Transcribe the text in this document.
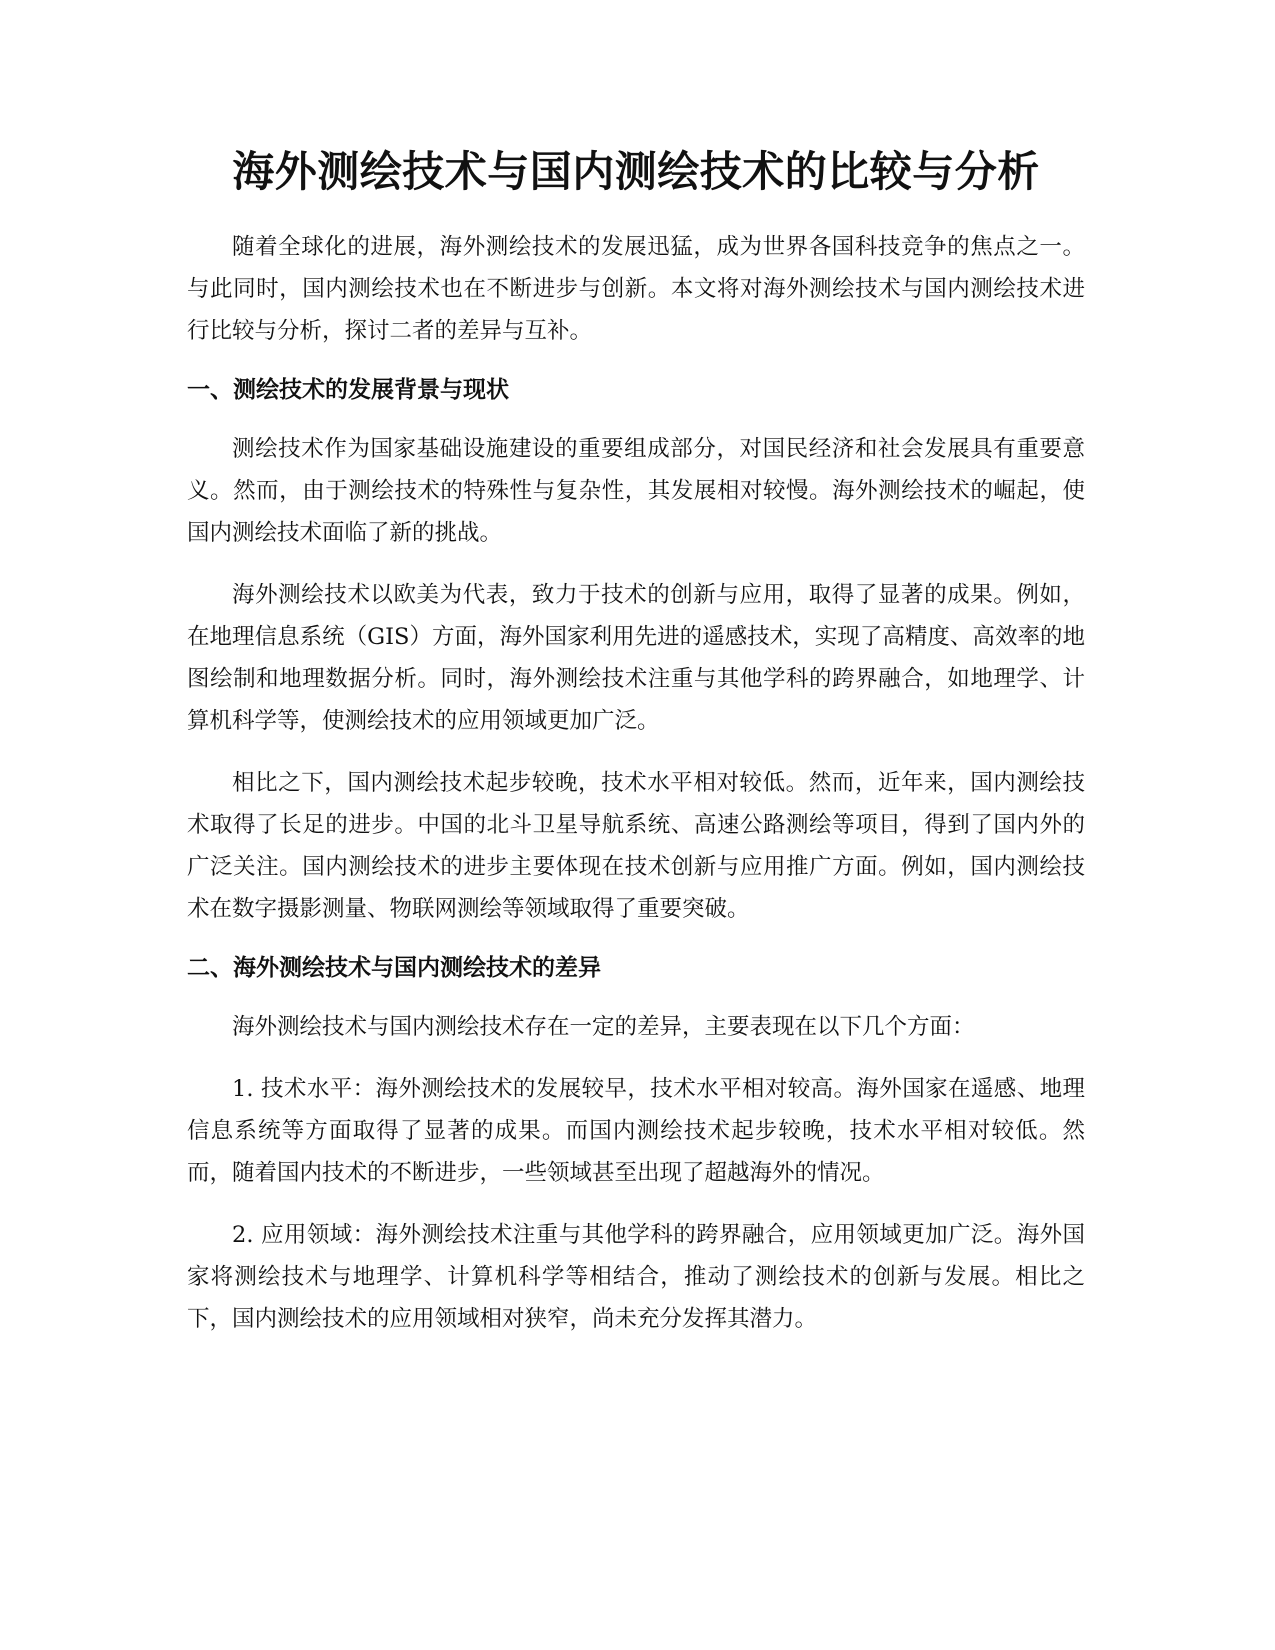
海外测绘技术与国内测绘技术的比较与分析

随着全球化的进展，海外测绘技术的发展迅猛，成为世界各国科技竞争的焦点之一。与此同时，国内测绘技术也在不断进步与创新。本文将对海外测绘技术与国内测绘技术进行比较与分析，探讨二者的差异与互补。

一、测绘技术的发展背景与现状

测绘技术作为国家基础设施建设的重要组成部分，对国民经济和社会发展具有重要意义。然而，由于测绘技术的特殊性与复杂性，其发展相对较慢。海外测绘技术的崛起，使国内测绘技术面临了新的挑战。

海外测绘技术以欧美为代表，致力于技术的创新与应用，取得了显著的成果。例如，在地理信息系统（GIS）方面，海外国家利用先进的遥感技术，实现了高精度、高效率的地图绘制和地理数据分析。同时，海外测绘技术注重与其他学科的跨界融合，如地理学、计算机科学等，使测绘技术的应用领域更加广泛。

相比之下，国内测绘技术起步较晚，技术水平相对较低。然而，近年来，国内测绘技术取得了长足的进步。中国的北斗卫星导航系统、高速公路测绘等项目，得到了国内外的广泛关注。国内测绘技术的进步主要体现在技术创新与应用推广方面。例如，国内测绘技术在数字摄影测量、物联网测绘等领域取得了重要突破。

二、海外测绘技术与国内测绘技术的差异

海外测绘技术与国内测绘技术存在一定的差异，主要表现在以下几个方面：

1. 技术水平：海外测绘技术的发展较早，技术水平相对较高。海外国家在遥感、地理信息系统等方面取得了显著的成果。而国内测绘技术起步较晚，技术水平相对较低。然而，随着国内技术的不断进步，一些领域甚至出现了超越海外的情况。

2. 应用领域：海外测绘技术注重与其他学科的跨界融合，应用领域更加广泛。海外国家将测绘技术与地理学、计算机科学等相结合，推动了测绘技术的创新与发展。相比之下，国内测绘技术的应用领域相对狭窄，尚未充分发挥其潜力。
